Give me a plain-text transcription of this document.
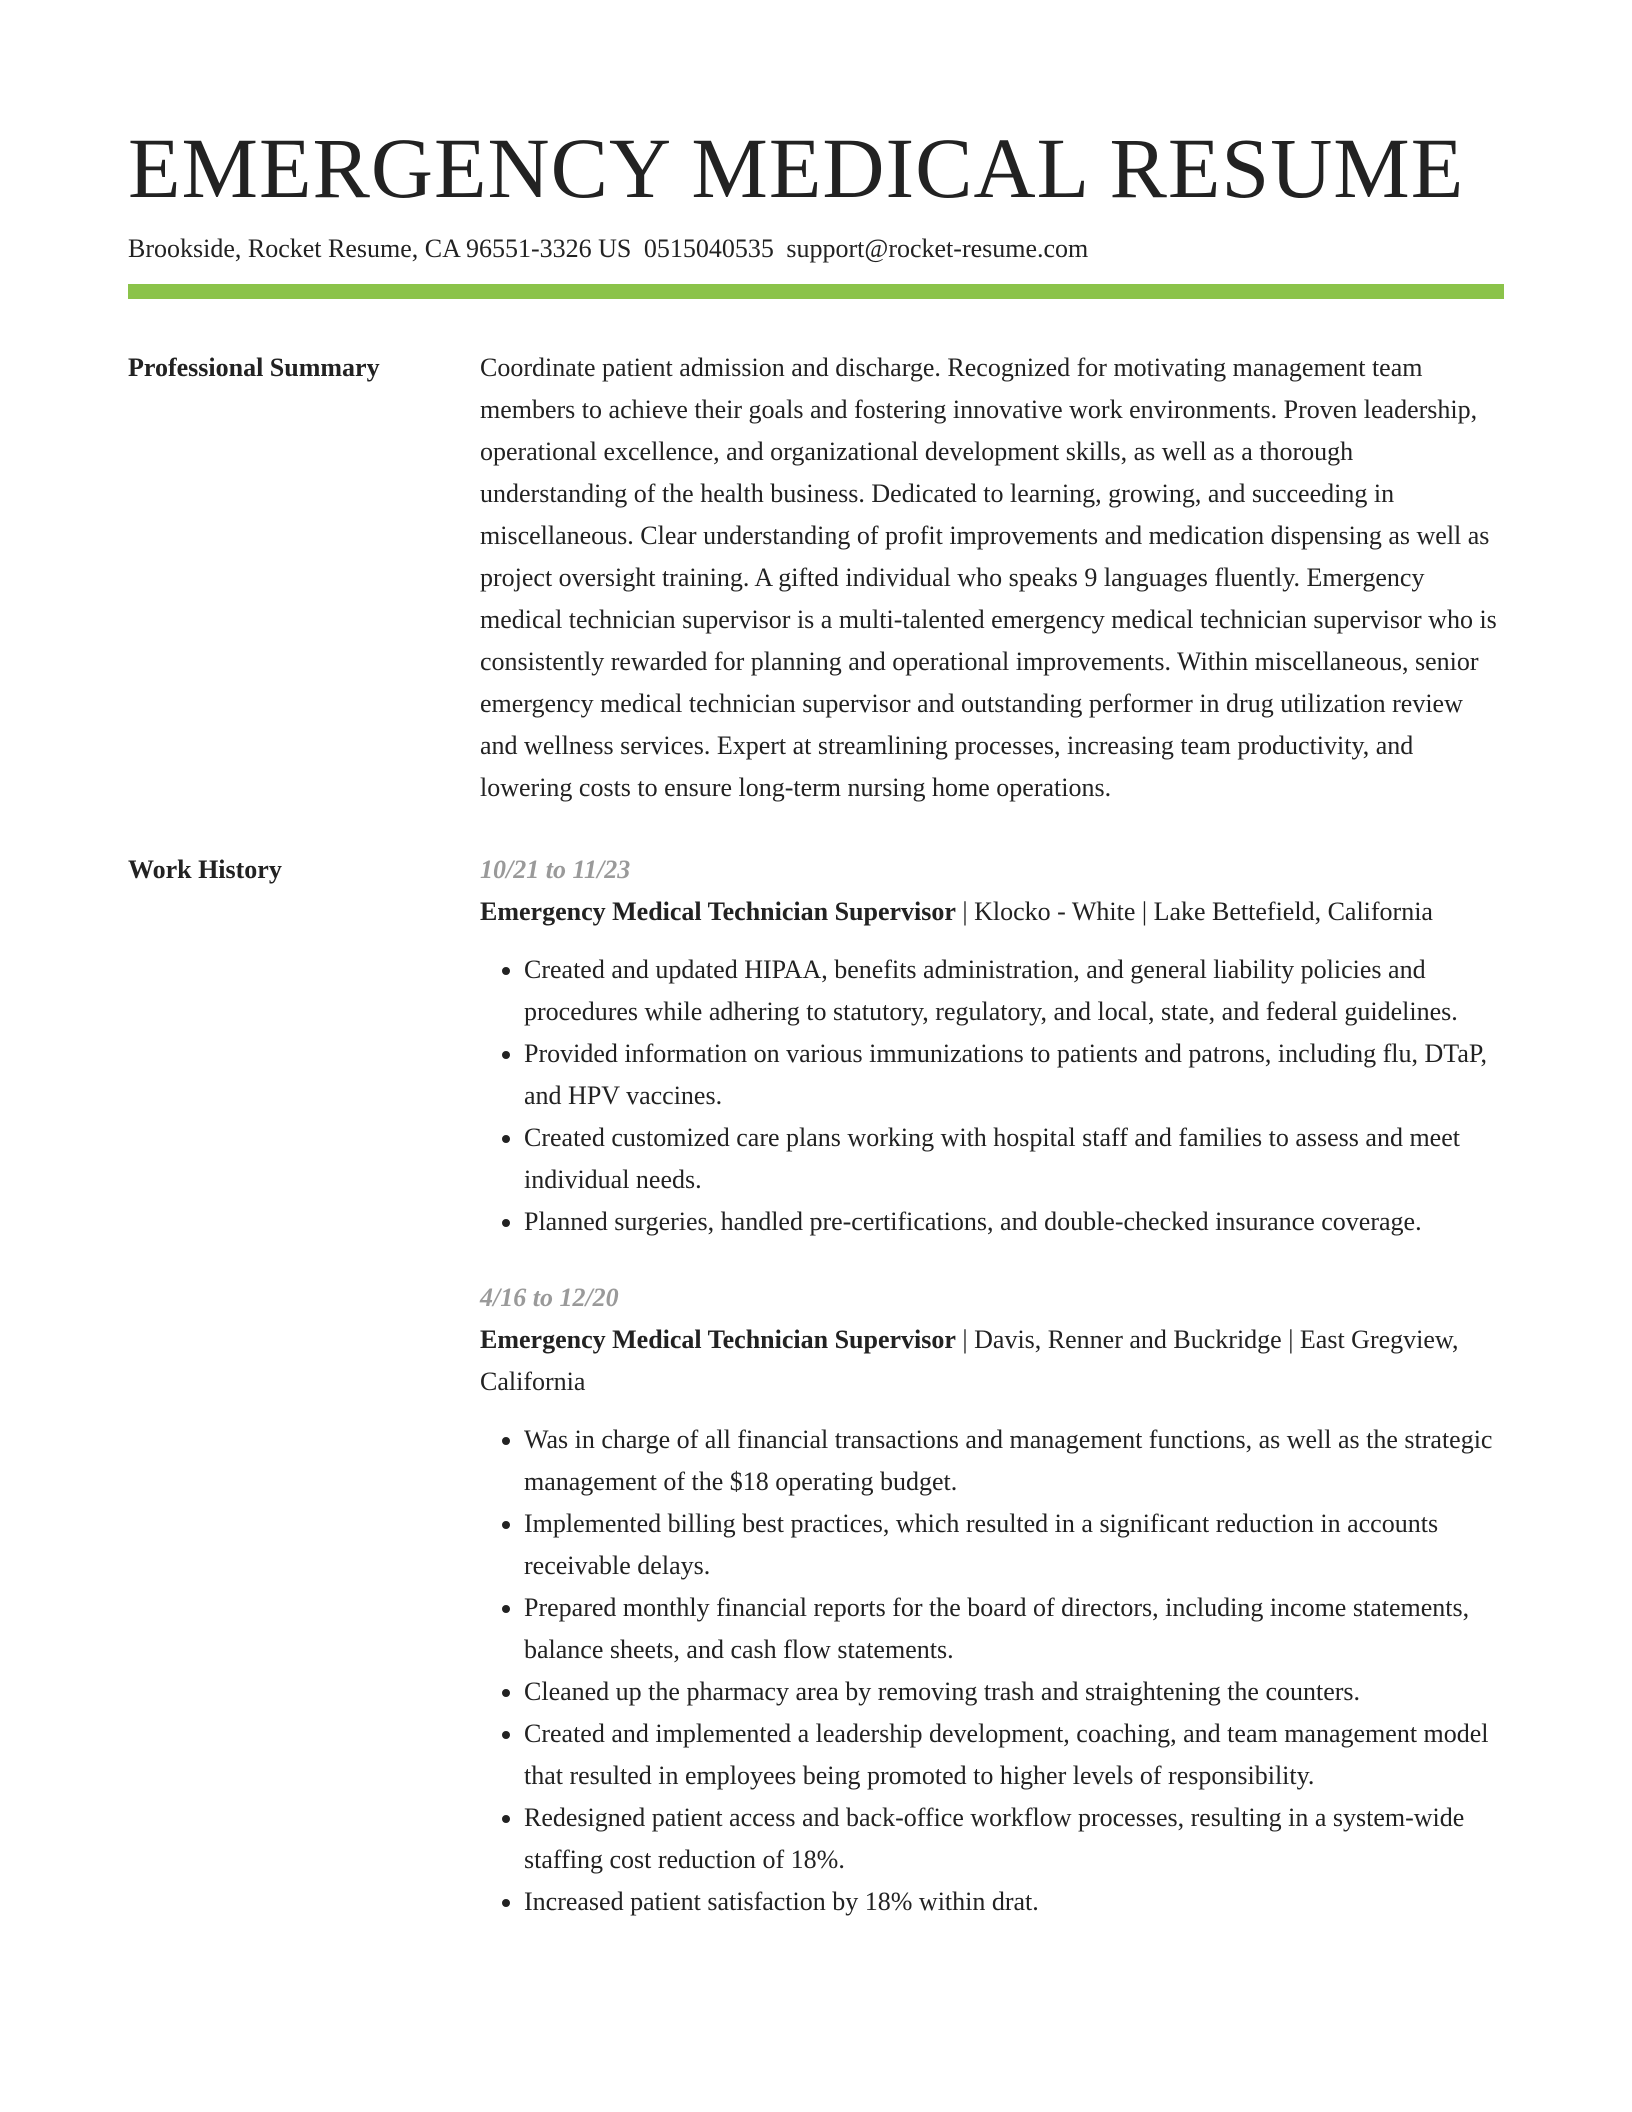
EMERGENCY MEDICAL RESUME
Brookside, Rocket Resume, CA 96551-3326 US 0515040535 support@rocket-resume.com
Professional Summary	Coordinate patient admission and discharge. Recognized for motivating management team members to achieve their goals and fostering innovative work environments. Proven leadership, operational excellence, and organizational development skills, as well as a thorough understanding of the health business. Dedicated to learning, growing, and succeeding in miscellaneous. Clear understanding of profit improvements and medication dispensing as well as project oversight training. A gifted individual who speaks 9 languages fluently. Emergency medical technician supervisor is a multi-talented emergency medical technician supervisor who is consistently rewarded for planning and operational improvements. Within miscellaneous, senior emergency medical technician supervisor and outstanding performer in drug utilization review and wellness services. Expert at streamlining processes, increasing team productivity, and lowering costs to ensure long-term nursing home operations.

Work History	10/21 to 11/23

Emergency Medical Technician Supervisor | Klocko - White | Lake Bettefield, California

• Created and updated HIPAA, benefits administration, and general liability policies and procedures while adhering to statutory, regulatory, and local, state, and federal guidelines.
• Provided information on various immunizations to patients and patrons, including flu, DTaP, and HPV vaccines.
• Created customized care plans working with hospital staff and families to assess and meet individual needs.
• Planned surgeries, handled pre-certifications, and double-checked insurance coverage.
4/16 to 12/20

Emergency Medical Technician Supervisor | Davis, Renner and Buckridge | East Gregview, California

• Was in charge of all financial transactions and management functions, as well as the strategic management of the $18 operating budget.
• Implemented billing best practices, which resulted in a significant reduction in accounts receivable delays.
• Prepared monthly financial reports for the board of directors, including income statements, balance sheets, and cash flow statements.
• Cleaned up the pharmacy area by removing trash and straightening the counters.
• Created and implemented a leadership development, coaching, and team management model that resulted in employees being promoted to higher levels of responsibility.
• Redesigned patient access and back-office workflow processes, resulting in a system-wide staffing cost reduction of 18%.
• Increased patient satisfaction by 18% within drat.
